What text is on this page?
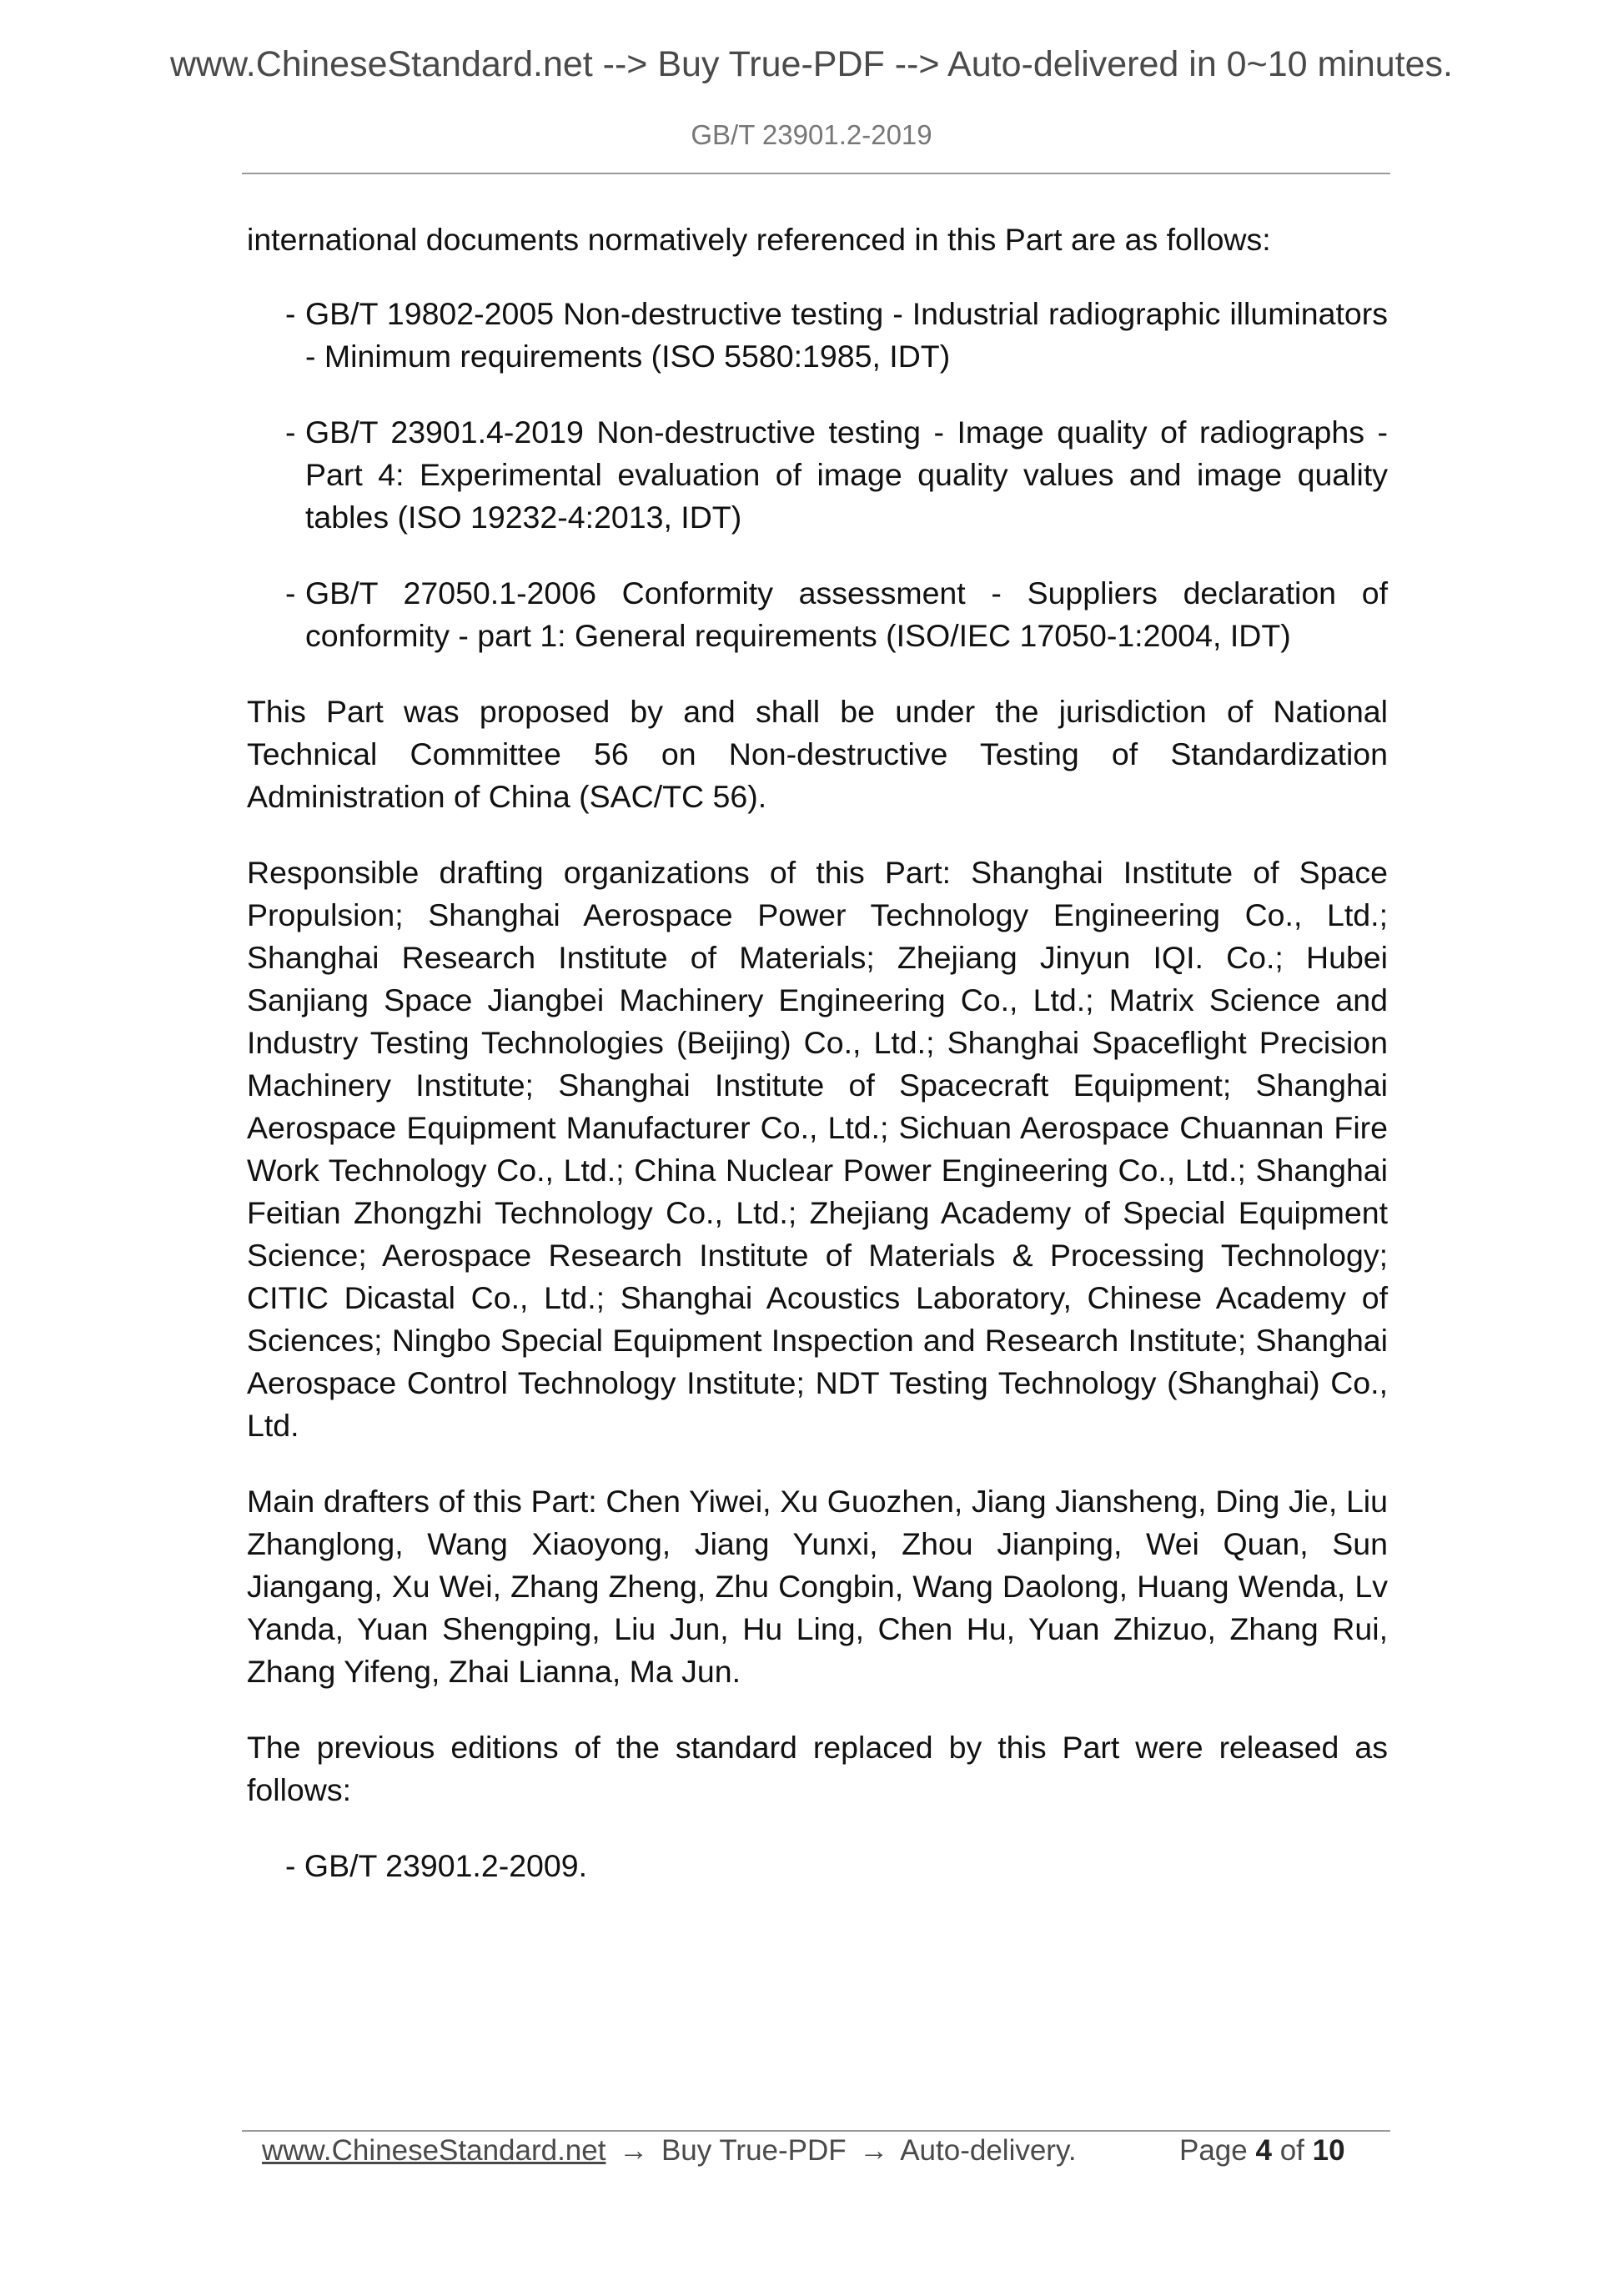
www.ChineseStandard.net --> Buy True-PDF --> Auto-delivered in 0~10 minutes.
GB/T 23901.2-2019

international documents normatively referenced in this Part are as follows:

- GB/T 19802-2005 Non-destructive testing - Industrial radiographic illuminators - Minimum requirements (ISO 5580:1985, IDT)

- GB/T 23901.4-2019 Non-destructive testing - Image quality of radiographs - Part 4: Experimental evaluation of image quality values and image quality tables (ISO 19232-4:2013, IDT)

- GB/T 27050.1-2006 Conformity assessment - Suppliers declaration of conformity - part 1: General requirements (ISO/IEC 17050-1:2004, IDT)

This Part was proposed by and shall be under the jurisdiction of National Technical Committee 56 on Non-destructive Testing of Standardization Administration of China (SAC/TC 56).

Responsible drafting organizations of this Part: Shanghai Institute of Space Propulsion; Shanghai Aerospace Power Technology Engineering Co., Ltd.; Shanghai Research Institute of Materials; Zhejiang Jinyun IQI. Co.; Hubei Sanjiang Space Jiangbei Machinery Engineering Co., Ltd.; Matrix Science and Industry Testing Technologies (Beijing) Co., Ltd.; Shanghai Spaceflight Precision Machinery Institute; Shanghai Institute of Spacecraft Equipment; Shanghai Aerospace Equipment Manufacturer Co., Ltd.; Sichuan Aerospace Chuannan Fire Work Technology Co., Ltd.; China Nuclear Power Engineering Co., Ltd.; Shanghai Feitian Zhongzhi Technology Co., Ltd.; Zhejiang Academy of Special Equipment Science; Aerospace Research Institute of Materials & Processing Technology; CITIC Dicastal Co., Ltd.; Shanghai Acoustics Laboratory, Chinese Academy of Sciences; Ningbo Special Equipment Inspection and Research Institute; Shanghai Aerospace Control Technology Institute; NDT Testing Technology (Shanghai) Co., Ltd.

Main drafters of this Part: Chen Yiwei, Xu Guozhen, Jiang Jiansheng, Ding Jie, Liu Zhanglong, Wang Xiaoyong, Jiang Yunxi, Zhou Jianping, Wei Quan, Sun Jiangang, Xu Wei, Zhang Zheng, Zhu Congbin, Wang Daolong, Huang Wenda, Lv Yanda, Yuan Shengping, Liu Jun, Hu Ling, Chen Hu, Yuan Zhizuo, Zhang Rui, Zhang Yifeng, Zhai Lianna, Ma Jun.

The previous editions of the standard replaced by this Part were released as follows:

- GB/T 23901.2-2009.

www.ChineseStandard.net → Buy True-PDF → Auto-delivery.	Page 4 of 10
